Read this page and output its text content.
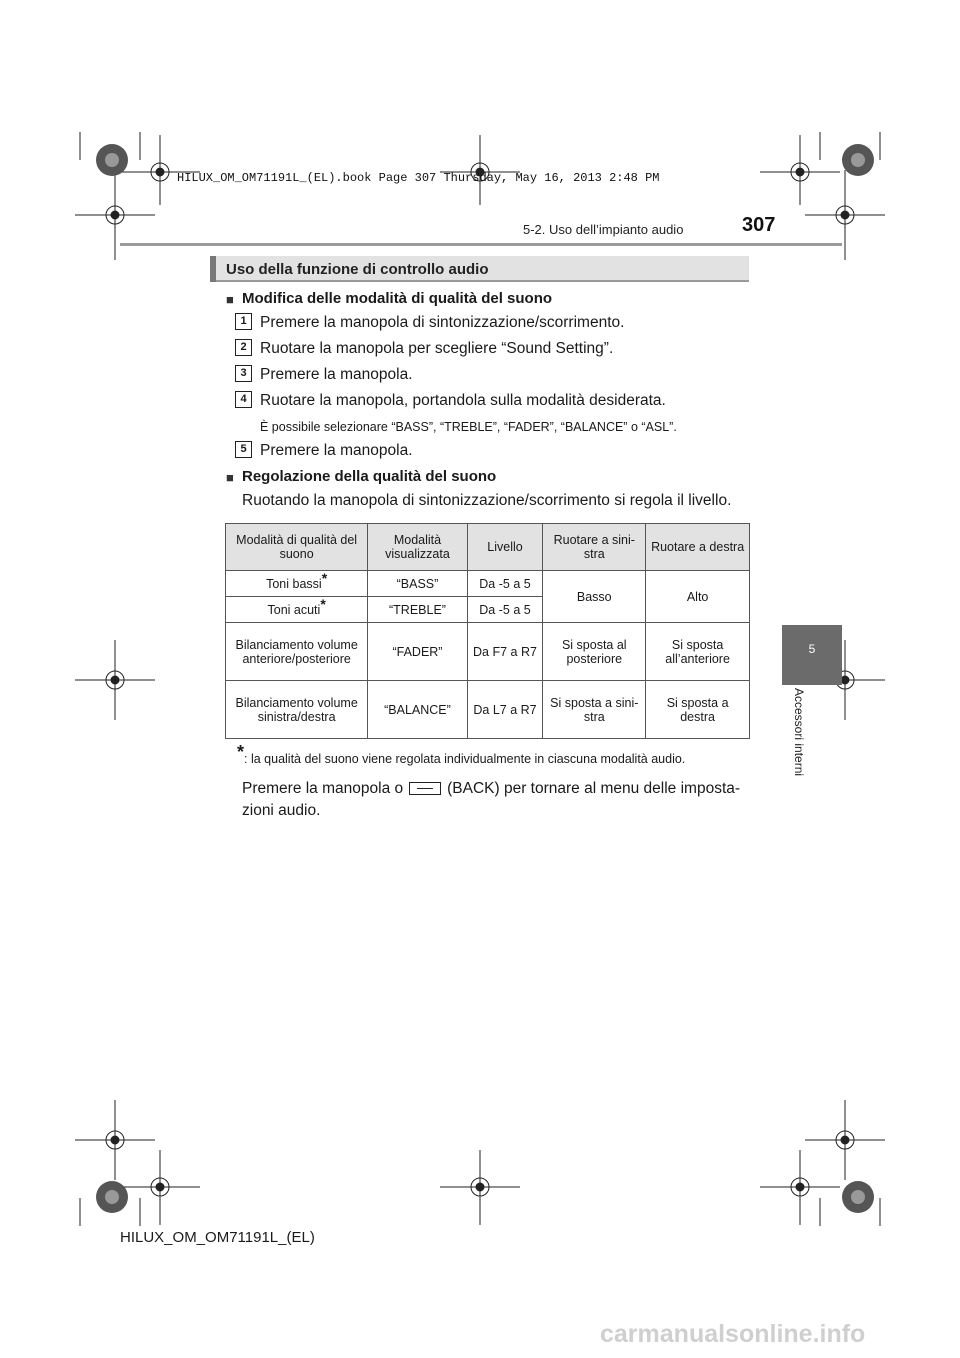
HILUX_OM_OM71191L_(EL).book Page 307 Thursday, May 16, 2013 2:48 PM
307
5-2. Uso dell’impianto audio
5
Accessori interni
Uso della funzione di controllo audio
■ Modifica delle modalità di qualità del suono
1 Premere la manopola di sintonizzazione/scorrimento.
2 Ruotare la manopola per scegliere “Sound Setting”.
3 Premere la manopola.
4 Ruotare la manopola, portandola sulla modalità desiderata.
È possibile selezionare “BASS”, “TREBLE”, “FADER”, “BALANCE” o “ASL”.
5 Premere la manopola.
■ Regolazione della qualità del suono
Ruotando la manopola di sintonizzazione/scorrimento si regola il livello.
Modalità di qualità del suono	Modalità visualizzata	Livello	Ruotare a sini-stra	Ruotare a destra
Toni bassi*	“BASS”	Da -5 a 5	Basso	Alto
Toni acuti*	“TREBLE”	Da -5 a 5		
Bilanciamento volume anteriore/posteriore	“FADER”	Da F7 a R7	Si sposta al posteriore	Si sposta all’anteriore
Bilanciamento volume sinistra/destra	“BALANCE”	Da L7 a R7	Si sposta a sini-stra	Si sposta a destra
*: la qualità del suono viene regolata individualmente in ciascuna modalità audio.
Premere la manopola o	(BACK) per tornare al menu delle imposta-
zioni audio.
HILUX_OM_OM71191L_(EL)
carmanualsonline.info
